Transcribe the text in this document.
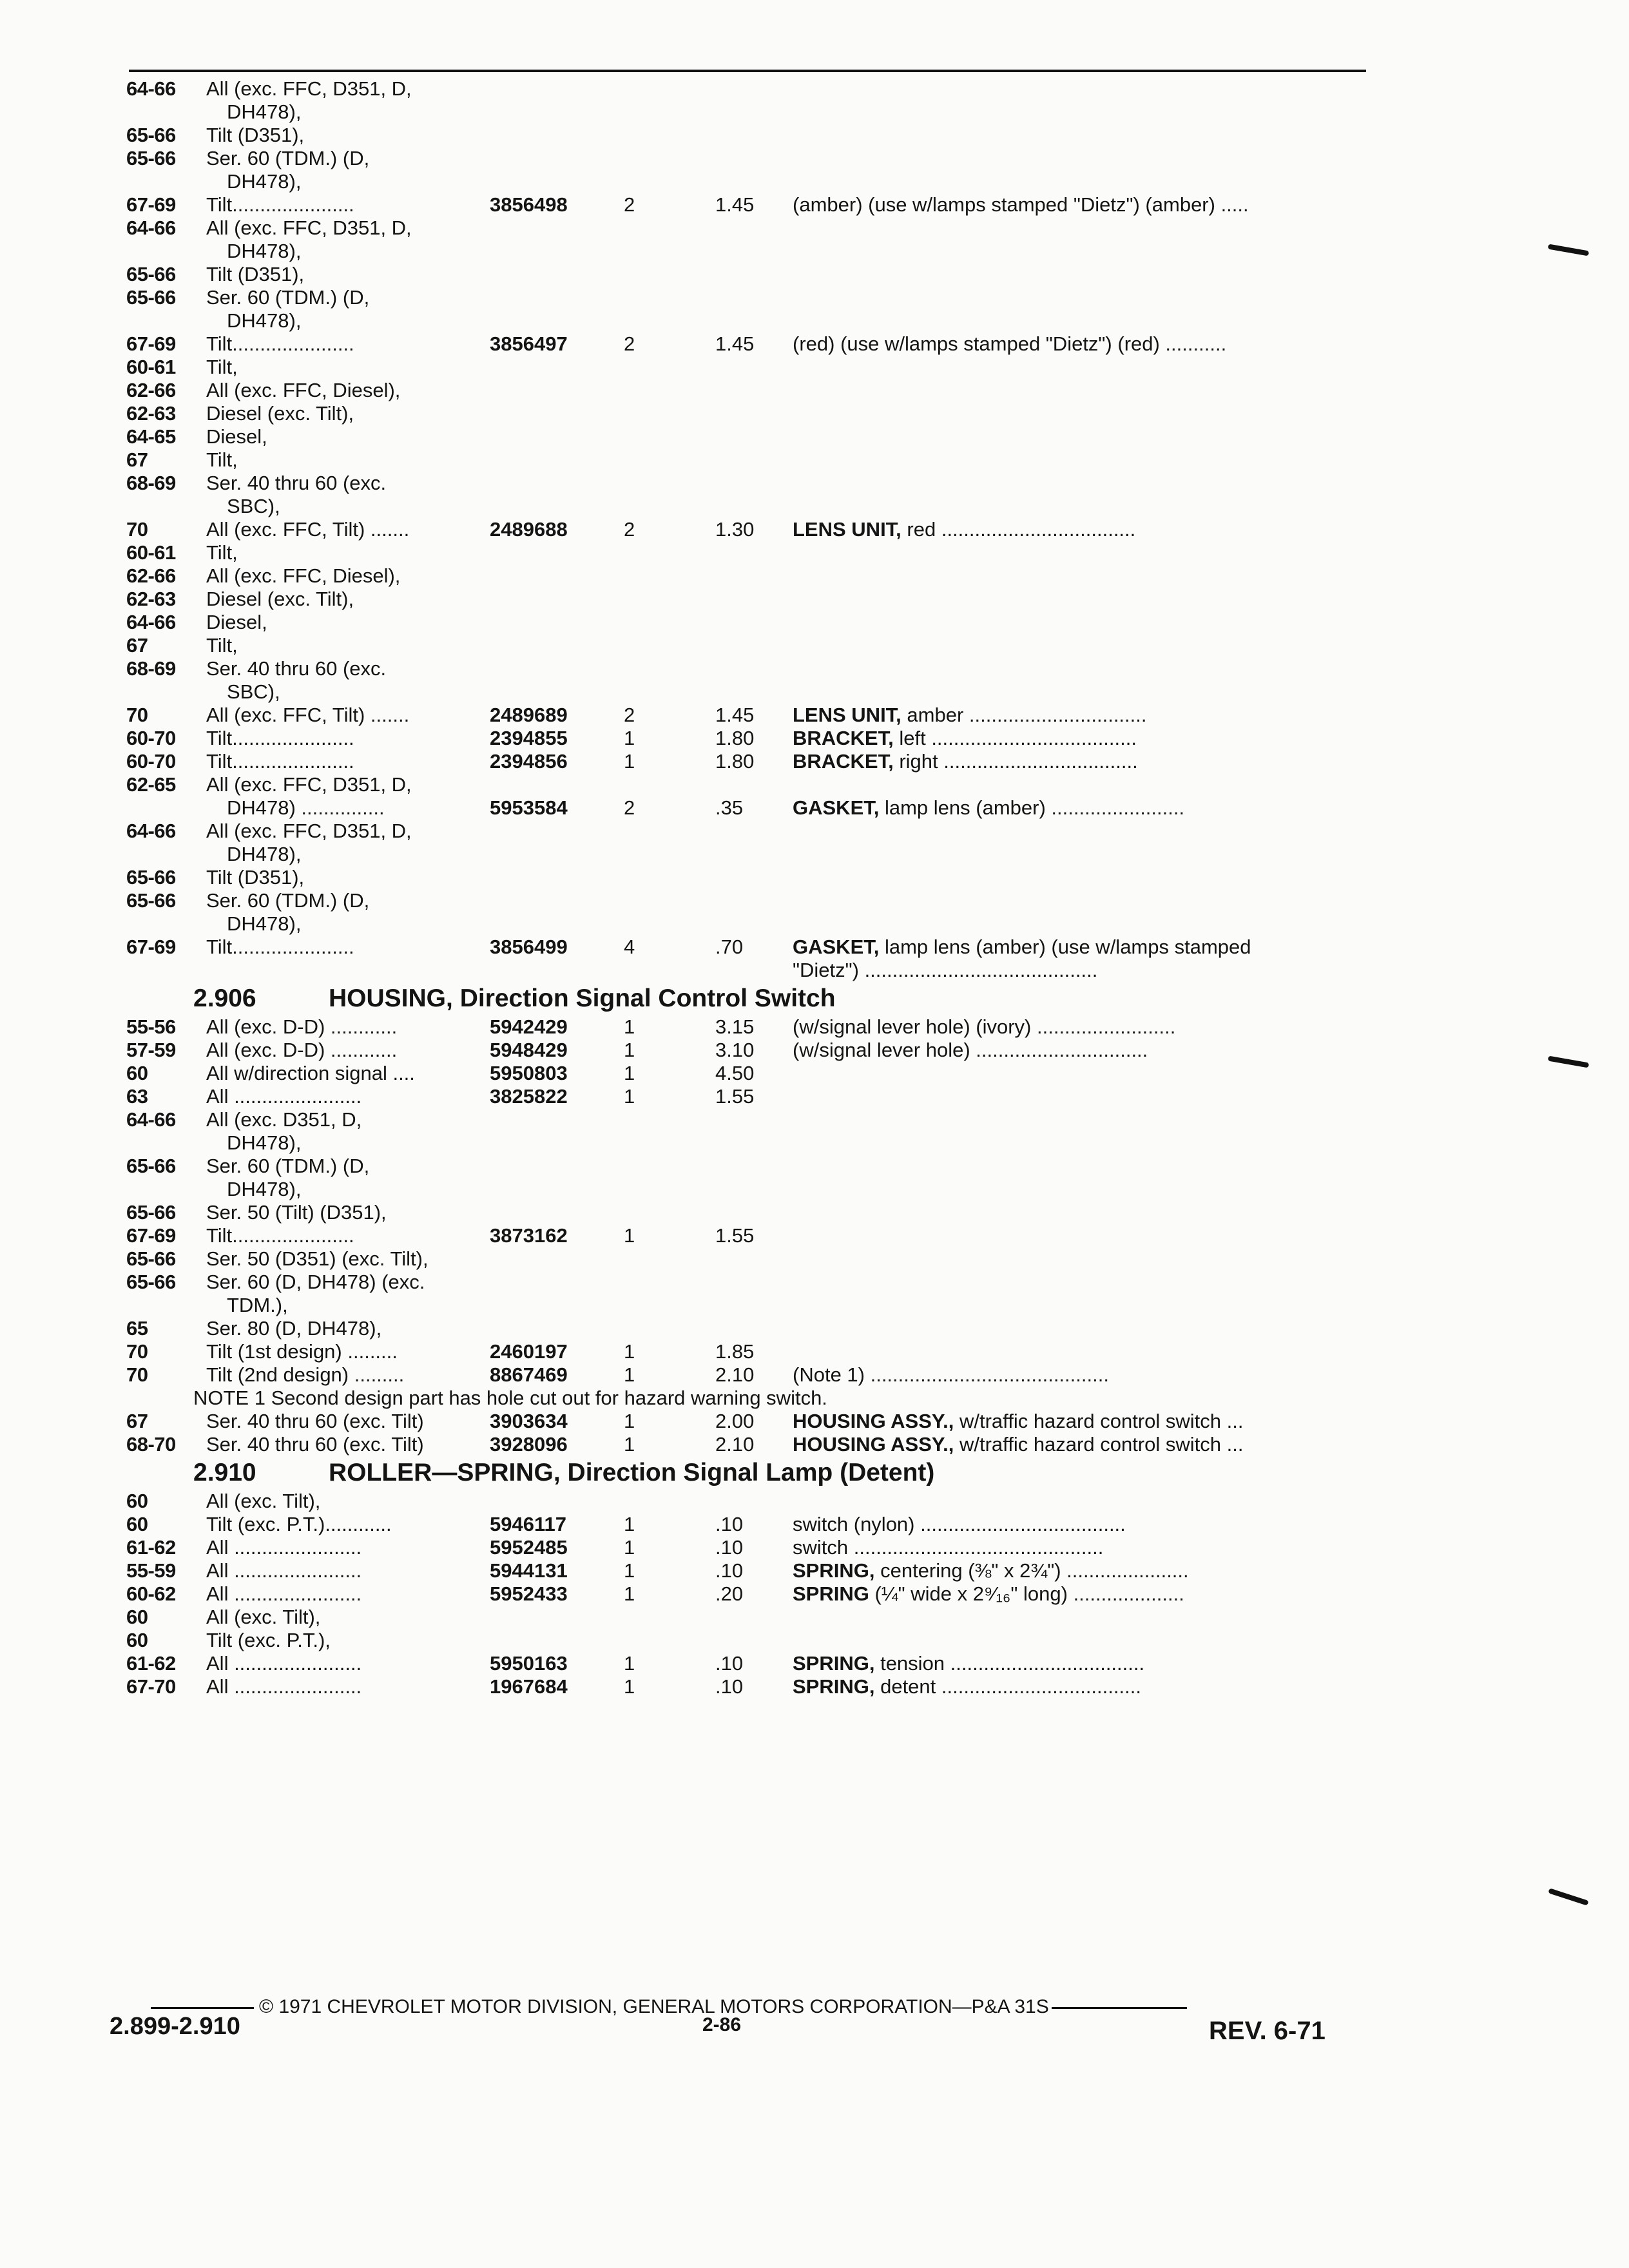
64-66 All (exc. FFC, D351, D,
DH478),
65-66 Tilt (D351),
65-66 Ser. 60 (TDM.) (D,
DH478),
67-69 Tilt......................	3856498	2	1.45 (amber) (use w/lamps stamped "Dietz") (amber) .....
64-66 All (exc. FFC, D351, D,
DH478),
65-66 Tilt (D351),
65-66 Ser. 60 (TDM.) (D,
DH478),
67-69 Tilt......................	3856497	2	1.45 (red) (use w/lamps stamped "Dietz") (red) ...........
60-61 Tilt,
62-66 All (exc. FFC, Diesel),
62-63 Diesel (exc. Tilt),
64-65 Diesel,
67	Tilt,
68-69 Ser. 40 thru 60 (exc.
SBC),
70	All (exc. FFC, Tilt) .......	2489688	2	1.30 LENS UNIT, red ...................................
60-61 Tilt,
62-66 All (exc. FFC, Diesel),
62-63 Diesel (exc. Tilt),
64-66 Diesel,
67	Tilt,
68-69 Ser. 40 thru 60 (exc.
SBC),
70	All (exc. FFC, Tilt) .......	2489689	2	1.45 LENS UNIT, amber ................................
60-70 Tilt......................	2394855	1	1.80 BRACKET, left .....................................
60-70 Tilt......................	2394856	1	1.80 BRACKET, right ...................................
62-65 All (exc. FFC, D351, D,
DH478) ...............	5953584	2	.35 GASKET, lamp lens (amber) ........................
64-66 All (exc. FFC, D351, D,
DH478),
65-66 Tilt (D351),
65-66 Ser. 60 (TDM.) (D,
DH478),
67-69 Tilt......................	3856499	4	.70 GASKET, lamp lens (amber) (use w/lamps stamped
"Dietz") ..........................................
2.906	HOUSING, Direction Signal Control Switch
55-56 All (exc. D-D) ............	5942429	1	3.15 (w/signal lever hole) (ivory) .........................
57-59 All (exc. D-D) ............	5948429	1	3.10 (w/signal lever hole) ...............................
60	All w/direction signal ....	5950803	1	4.50
63	All .......................	3825822	1	1.55
64-66 All (exc. D351, D,
DH478),
65-66 Ser. 60 (TDM.) (D,
DH478),
65-66 Ser. 50 (Tilt) (D351),
67-69 Tilt......................	3873162	1	1.55
65-66 Ser. 50 (D351) (exc. Tilt),
65-66 Ser. 60 (D, DH478) (exc.
TDM.),
65	Ser. 80 (D, DH478),
70	Tilt (1st design) .........	2460197	1	1.85
70	Tilt (2nd design) .........	8867469	1	2.10 (Note 1) ...........................................
NOTE 1 Second design part has hole cut out for hazard warning switch.
67	Ser. 40 thru 60 (exc. Tilt)	3903634	1	2.00 HOUSING ASSY., w/traffic hazard control switch ...
68-70 Ser. 40 thru 60 (exc. Tilt)	3928096	1	2.10 HOUSING ASSY., w/traffic hazard control switch ...
2.910	ROLLER—SPRING, Direction Signal Lamp (Detent)
60	All (exc. Tilt),
60	Tilt (exc. P.T.)............	5946117	1	.10 switch (nylon) .....................................
61-62 All .......................	5952485	1	.10 switch .............................................
55-59 All .......................	5944131	1	.10 SPRING, centering (⅜" x 2¾") ......................
60-62 All .......................	5952433	1	.20 SPRING (¼" wide x 2⁹⁄₁₆" long) ....................
60	All (exc. Tilt),
60	Tilt (exc. P.T.),
61-62 All .......................	5950163	1	.10 SPRING, tension ...................................
67-70 All .......................	1967684	1	.10 SPRING, detent ....................................
© 1971 CHEVROLET MOTOR DIVISION, GENERAL MOTORS CORPORATION—P&A 31S
2.899-2.910	2-86	REV. 6-71
